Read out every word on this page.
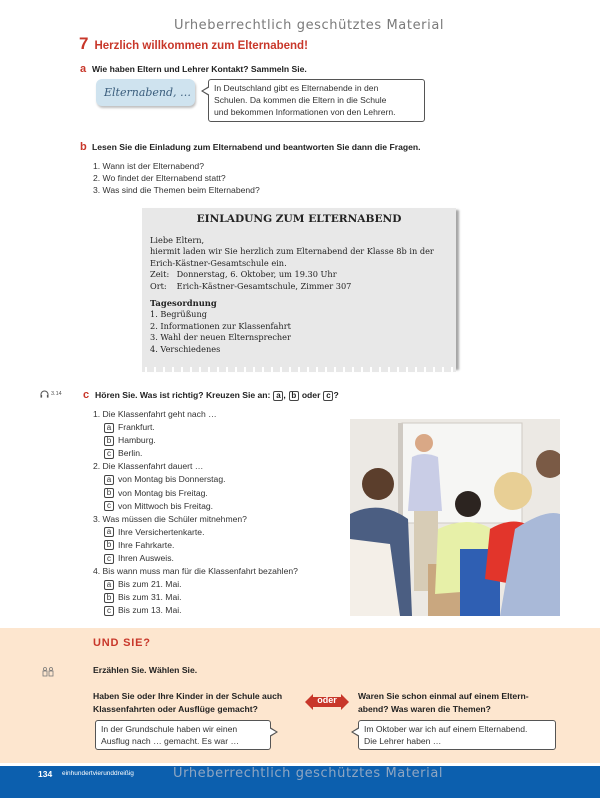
Urheberrechtlich geschütztes Material
7 Herzlich willkommen zum Elternabend!
a Wie haben Eltern und Lehrer Kontakt? Sammeln Sie.
Elternabend, …	In Deutschland gibt es Elternabende in den
Schulen. Da kommen die Eltern in die Schule
und bekommen Informationen von den Lehrern.
b Lesen Sie die Einladung zum Elternabend und beantworten Sie dann die Fragen.
1. Wann ist der Elternabend?
2. Wo findet der Elternabend statt?
3. Was sind die Themen beim Elternabend?
EINLADUNG ZUM ELTERNABEND
Liebe Eltern,
hiermit laden wir Sie herzlich zum Elternabend der Klasse 8b in der
Erich-Kästner-Gesamtschule ein.
Zeit: Donnerstag, 6. Oktober, um 19.30 Uhr
Ort: Erich-Kästner-Gesamtschule, Zimmer 307
Tagesordnung
1. Begrüßung
2. Informationen zur Klassenfahrt
3. Wahl der neuen Elternsprecher
4. Verschiedenes
3.14 c Hören Sie. Was ist richtig? Kreuzen Sie an: a , b oder c ?
1. Die Klassenfahrt geht nach …
a Frankfurt.
b Hamburg.
c Berlin.
2. Die Klassenfahrt dauert …
a von Montag bis Donnerstag.
b von Montag bis Freitag.
c von Mittwoch bis Freitag.
3. Was müssen die Schüler mitnehmen?
a Ihre Versichertenkarte.
b Ihre Fahrkarte.
c Ihren Ausweis.
4. Bis wann muss man für die Klassenfahrt bezahlen?
a Bis zum 21. Mai.
b Bis zum 31. Mai.
c Bis zum 13. Mai.
UND SIE?
Erzählen Sie. Wählen Sie.
Haben Sie oder Ihre Kinder in der Schule auch
Klassenfahrten oder Ausflüge gemacht?
In der Grundschule haben wir einen
Ausflug nach … gemacht. Es war …
oder	Waren Sie schon einmal auf einem Eltern-
abend? Was waren die Themen?
Im Oktober war ich auf einem Elternabend.
Die Lehrer haben …
134 einhundertvierunddreißig	Urheberrechtlich geschütztes Material
